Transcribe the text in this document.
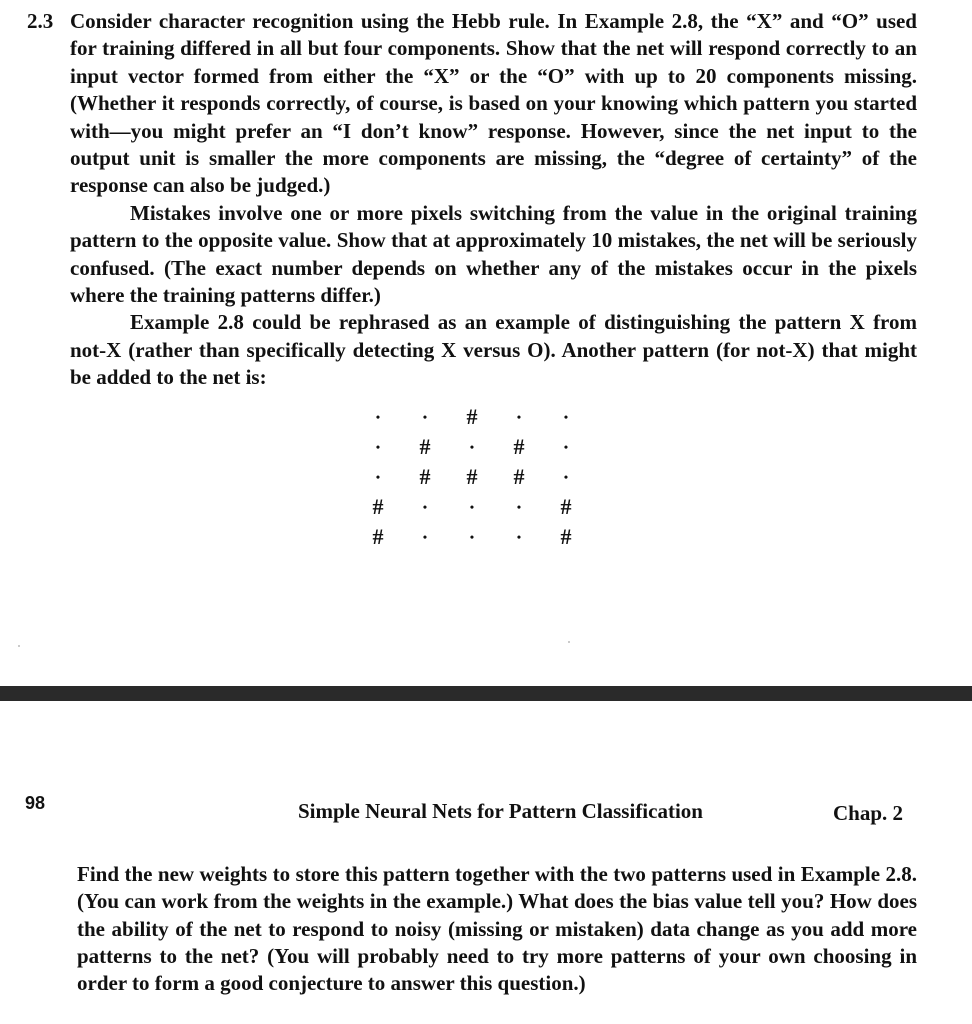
2.3 Consider character recognition using the Hebb rule. In Example 2.8, the “X” and “O” used for training differed in all but four components. Show that the net will respond correctly to an input vector formed from either the “X” or the “O” with up to 20 components missing. (Whether it responds correctly, of course, is based on your knowing which pattern you started with—you might prefer an “I don’t know” response. However, since the net input to the output unit is smaller the more components are missing, the “degree of certainty” of the response can also be judged.)

Mistakes involve one or more pixels switching from the value in the original training pattern to the opposite value. Show that at approximately 10 mistakes, the net will be seriously confused. (The exact number depends on whether any of the mistakes occur in the pixels where the training patterns differ.)

Example 2.8 could be rephrased as an example of distinguishing the pattern X from not-X (rather than specifically detecting X versus O). Another pattern (for not-X) that might be added to the net is:

•	•	#	•	•
•	#	•	#	•
•	#	#	#	•
#	•	•	•	#
#	•	•	•	#
98	Simple Neural Nets for Pattern Classification	Chap. 2

Find the new weights to store this pattern together with the two patterns used in Example 2.8. (You can work from the weights in the example.) What does the bias value tell you? How does the ability of the net to respond to noisy (missing or mistaken) data change as you add more patterns to the net? (You will probably need to try more patterns of your own choosing in order to form a good conjecture to answer this question.)
